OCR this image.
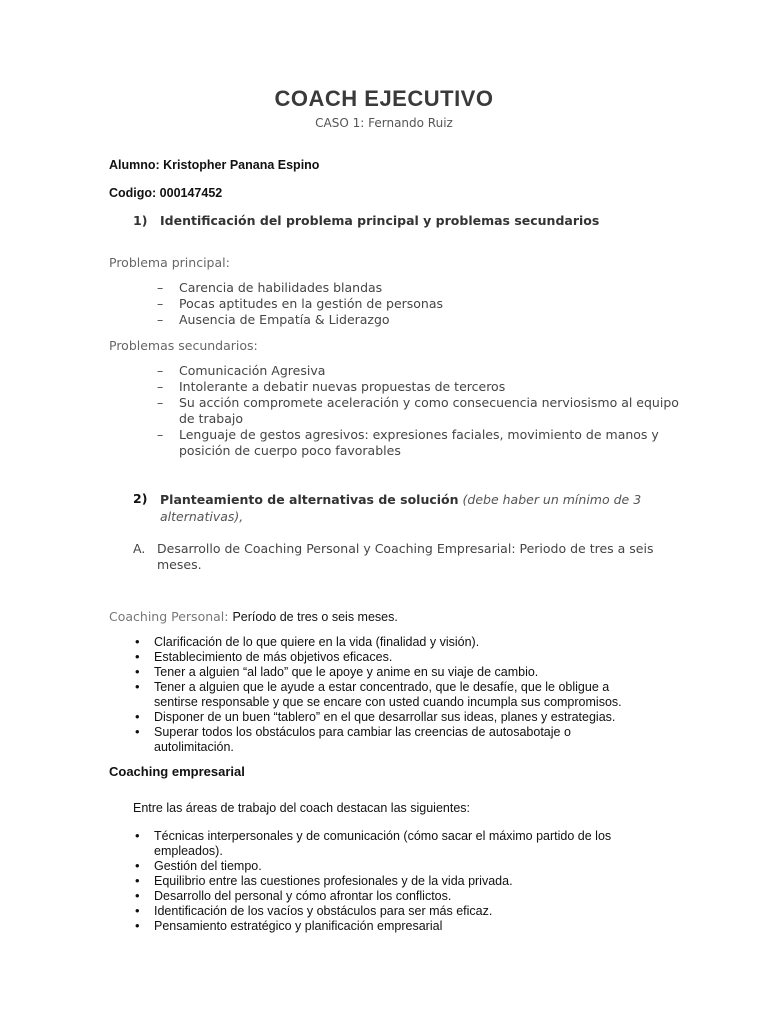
COACH EJECUTIVO
CASO 1: Fernando Ruiz
Alumno: Kristopher Panana Espino
Codigo: 000147452
1) Identificación del problema principal y problemas secundarios
Problema principal:
– Carencia de habilidades blandas
– Pocas aptitudes en la gestión de personas
– Ausencia de Empatía & Liderazgo
Problemas secundarios:
– Comunicación Agresiva
– Intolerante a debatir nuevas propuestas de terceros
– Su acción compromete aceleración y como consecuencia nerviosismo al equipo de trabajo
– Lenguaje de gestos agresivos: expresiones faciales, movimiento de manos y posición de cuerpo poco favorables
2) Planteamiento de alternativas de solución (debe haber un mínimo de 3 alternativas),
A. Desarrollo de Coaching Personal y Coaching Empresarial: Periodo de tres a seis meses.
Coaching Personal: Período de tres o seis meses.
• Clarificación de lo que quiere en la vida (finalidad y visión).
• Establecimiento de más objetivos eficaces.
• Tener a alguien “al lado” que le apoye y anime en su viaje de cambio.
• Tener a alguien que le ayude a estar concentrado, que le desafíe, que le obligue a sentirse responsable y que se encare con usted cuando incumpla sus compromisos.
• Disponer de un buen “tablero” en el que desarrollar sus ideas, planes y estrategias.
• Superar todos los obstáculos para cambiar las creencias de autosabotaje o autolimitación.
Coaching empresarial
Entre las áreas de trabajo del coach destacan las siguientes:
• Técnicas interpersonales y de comunicación (cómo sacar el máximo partido de los empleados).
• Gestión del tiempo.
• Equilibrio entre las cuestiones profesionales y de la vida privada.
• Desarrollo del personal y cómo afrontar los conflictos.
• Identificación de los vacíos y obstáculos para ser más eficaz.
• Pensamiento estratégico y planificación empresarial
